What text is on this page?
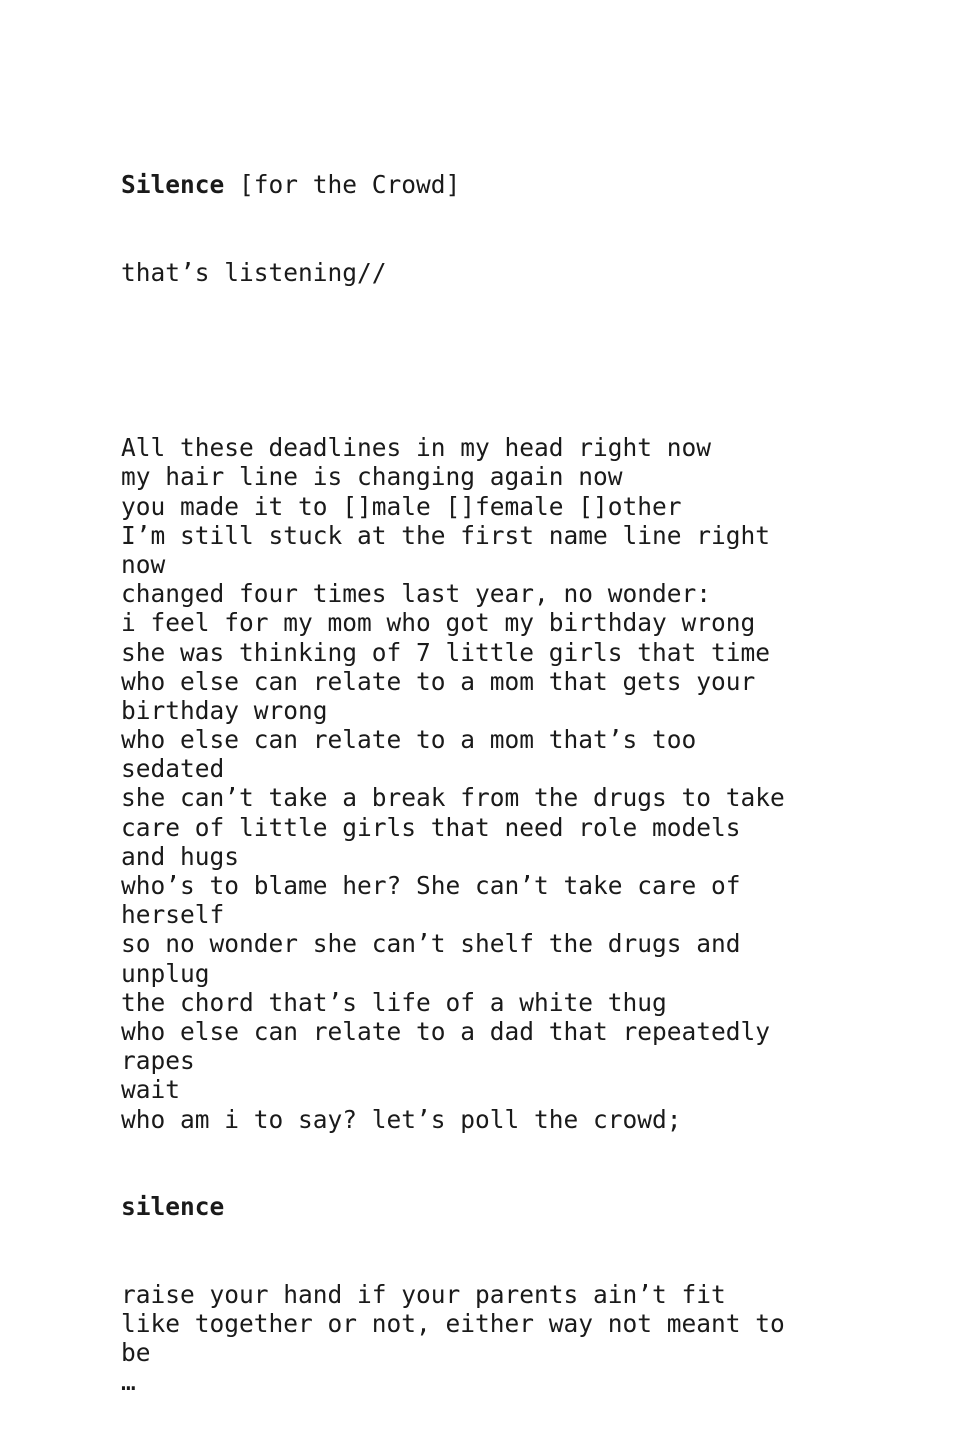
Silence [for the Crowd]

that’s listening//

All these deadlines in my head right now
my hair line is changing again now
you made it to []male []female []other
I’m still stuck at the first name line right
now
changed four times last year, no wonder:
i feel for my mom who got my birthday wrong
she was thinking of 7 little girls that time
who else can relate to a mom that gets your
birthday wrong
who else can relate to a mom that’s too
sedated
she can’t take a break from the drugs to take
care of little girls that need role models
and hugs
who’s to blame her? She can’t take care of
herself
so no wonder she can’t shelf the drugs and
unplug
the chord that’s life of a white thug
who else can relate to a dad that repeatedly
rapes
wait
who am i to say? let’s poll the crowd;

silence

raise your hand if your parents ain’t fit
like together or not, either way not meant to
be
…
